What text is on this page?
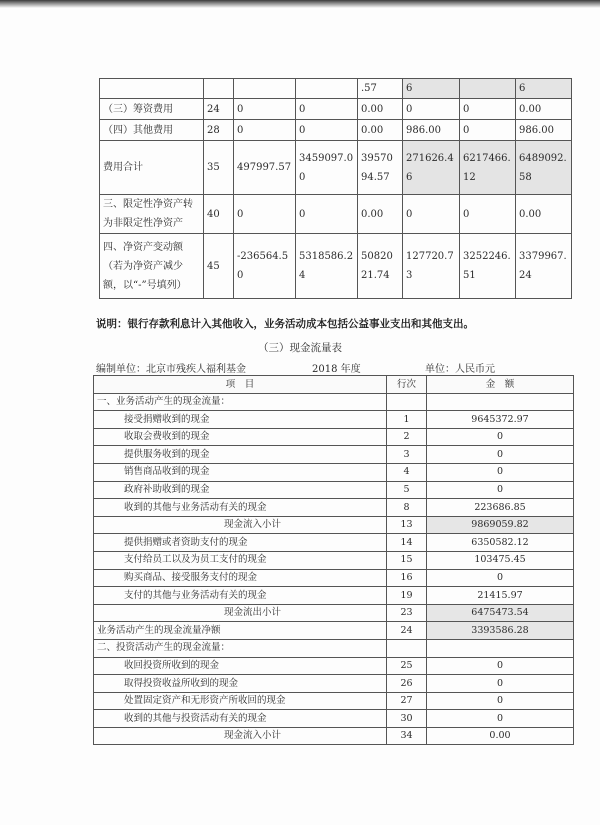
				.57	6		6
（三）筹资费用	24	0	0	0.00	0	0	0.00
（四）其他费用	28	0	0	0.00	986.00	0	986.00
费用合计	35	497997.57	3459097.00	3957094.57	271626.46	6217466.12	6489092.58
三、限定性净资产转为非限定性净资产	40	0	0	0.00	0	0	0.00
四、净资产变动额（若为净资产减少额，以“-”号填列）	45	-236564.50	5318586.24	5082021.74	127720.73	3252246.51	3379967.24
说明：银行存款利息计入其他收入，业务活动成本包括公益事业支出和其他支出。
（三）现金流量表
编制单位：北京市残疾人福利基金	2018 年度	单位：人民币元
项　目	行次	金　额
一、业务活动产生的现金流量：		
接受捐赠收到的现金	1	9645372.97
收取会费收到的现金	2	0
提供服务收到的现金	3	0
销售商品收到的现金	4	0
政府补助收到的现金	5	0
收到的其他与业务活动有关的现金	8	223686.85
现金流入小计	13	9869059.82
提供捐赠或者资助支付的现金	14	6350582.12
支付给员工以及为员工支付的现金	15	103475.45
购买商品、接受服务支付的现金	16	0
支付的其他与业务活动有关的现金	19	21415.97
现金流出小计	23	6475473.54
业务活动产生的现金流量净额	24	3393586.28
二、投资活动产生的现金流量：		
收回投资所收到的现金	25	0
取得投资收益所收到的现金	26	0
处置固定资产和无形资产所收回的现金	27	0
收到的其他与投资活动有关的现金	30	0
现金流入小计	34	0.00
